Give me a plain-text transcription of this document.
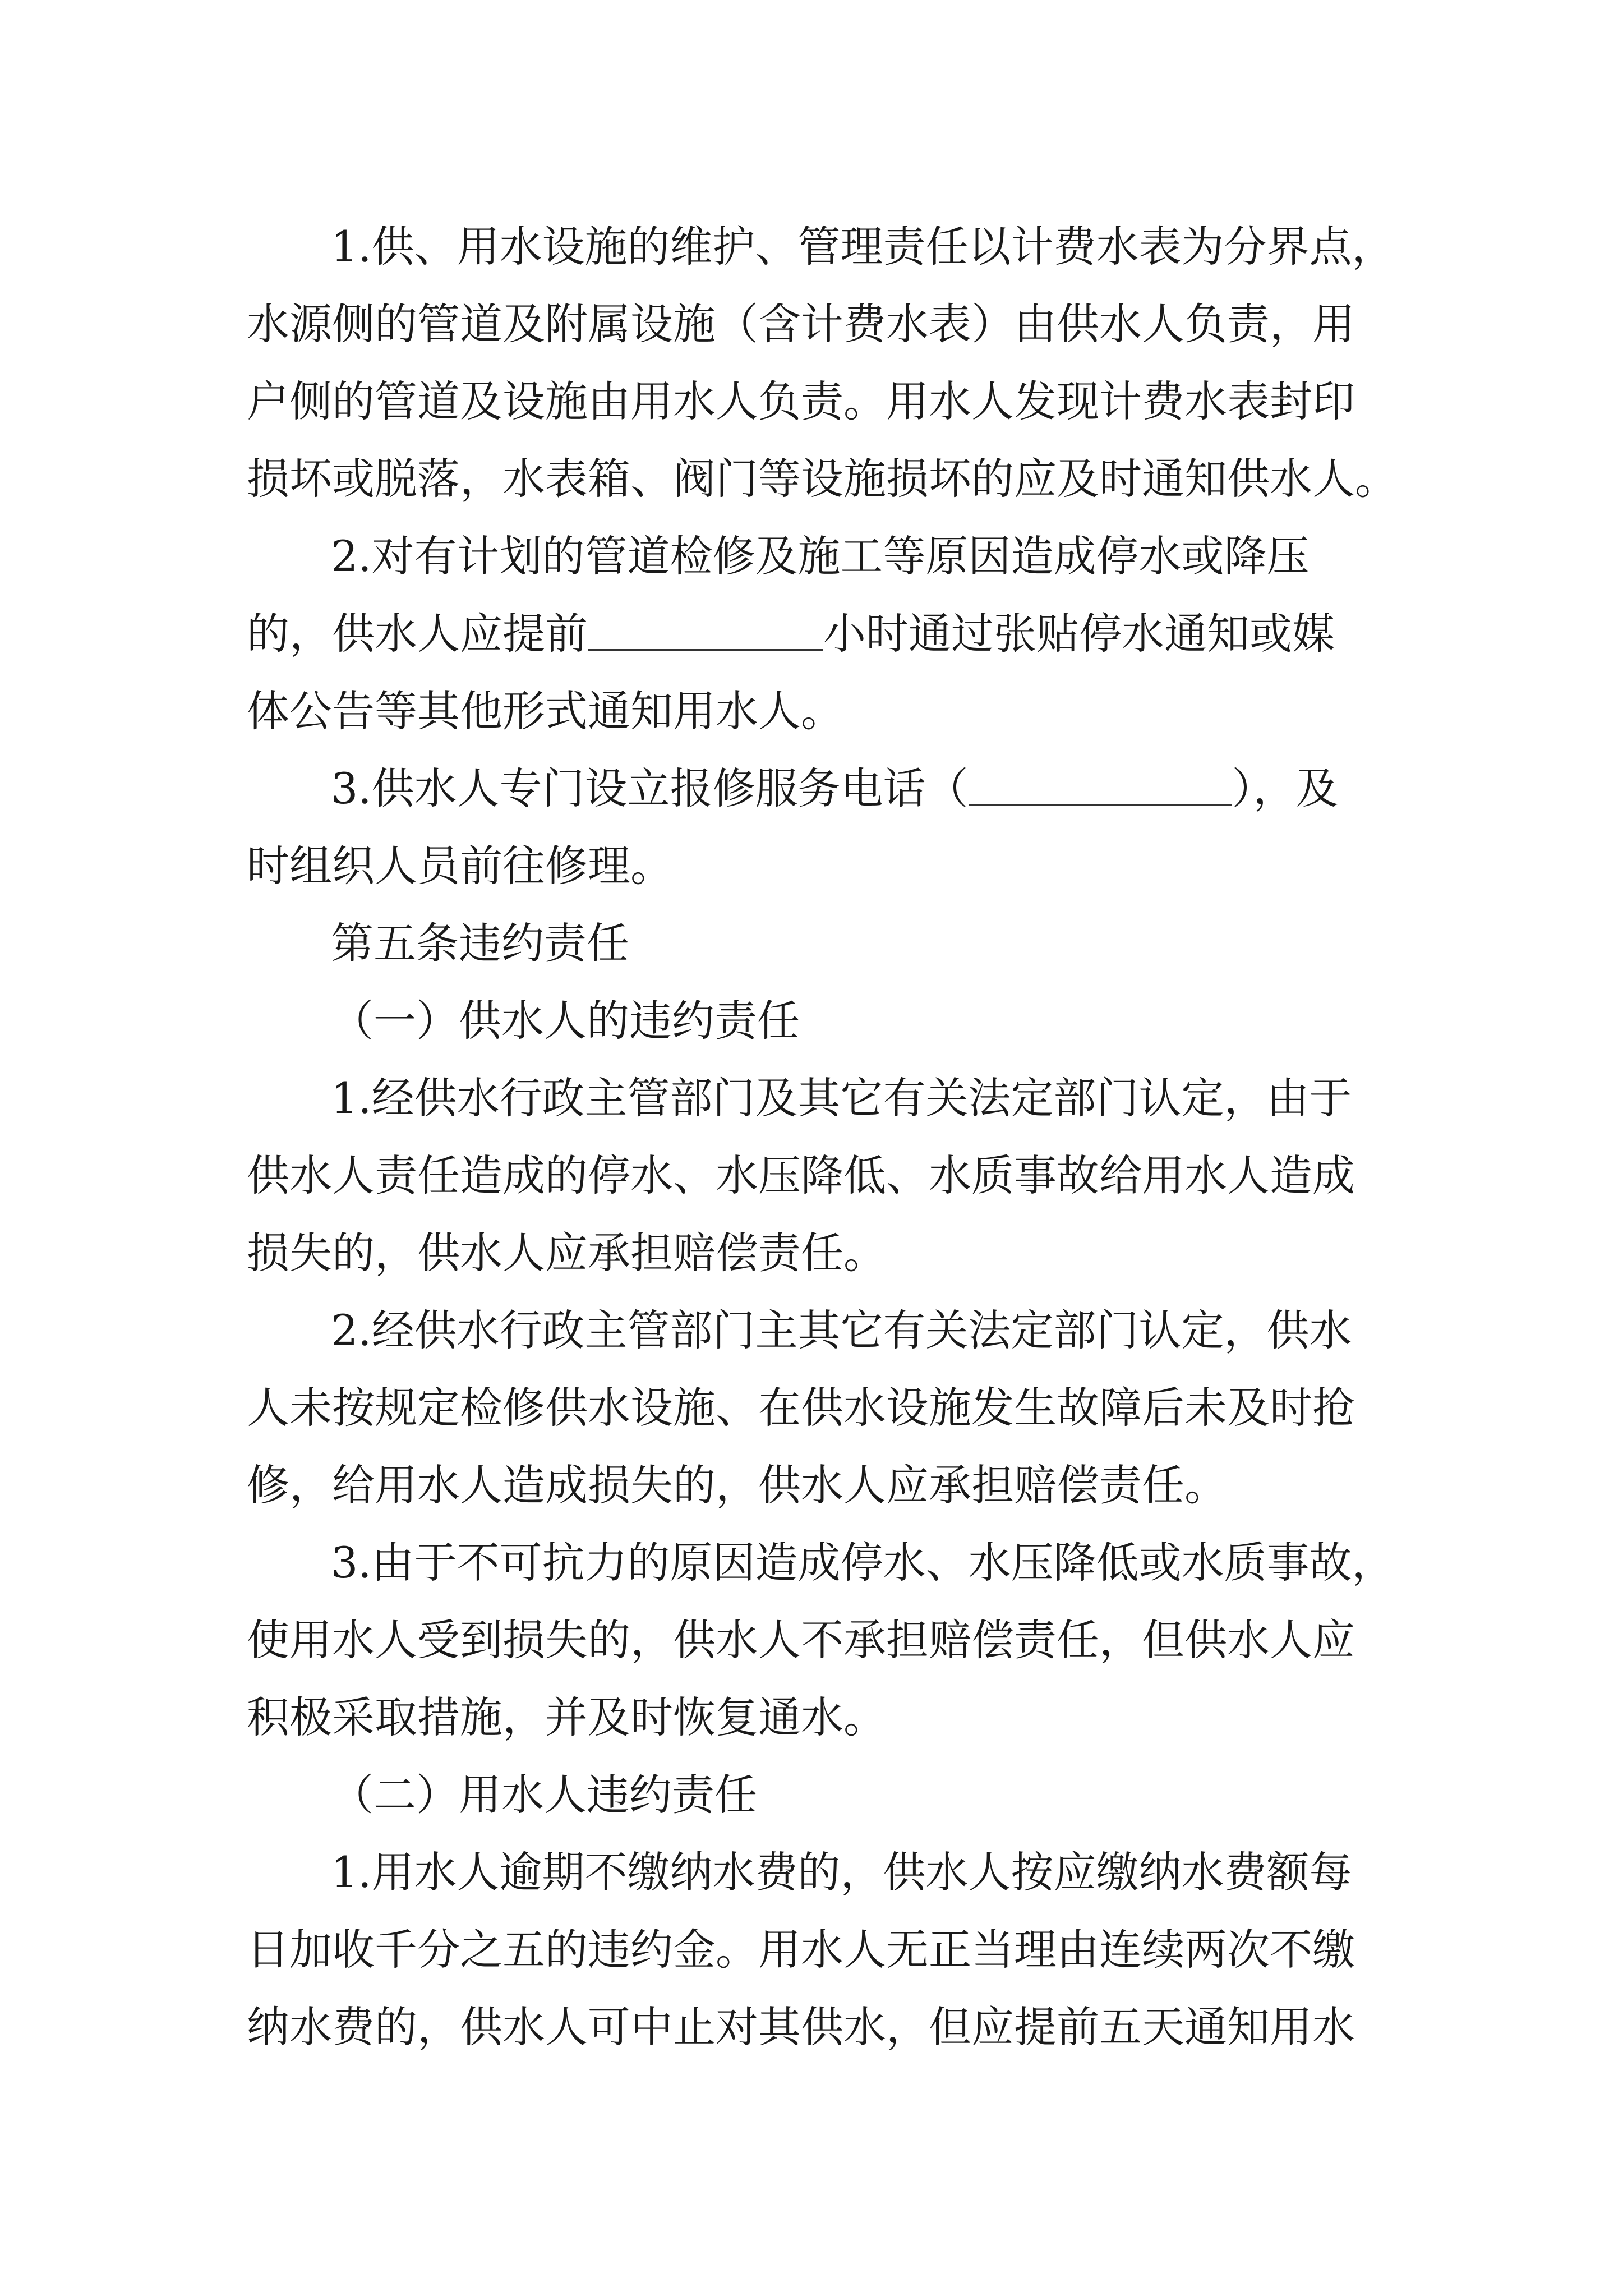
1.供、用水设施的维护、管理责任以计费水表为分界点，

水源侧的管道及附属设施（含计费水表）由供水人负责，用

户侧的管道及设施由用水人负责。用水人发现计费水表封印

损坏或脱落，水表箱、阀门等设施损坏的应及时通知供水人。

2.对有计划的管道检修及施工等原因造成停水或降压

的，供水人应提前	小时通过张贴停水通知或媒

体公告等其他形式通知用水人。

3.供水人专门设立报修服务电话（	），及

时组织人员前往修理。

第五条违约责任

（一）供水人的违约责任

1.经供水行政主管部门及其它有关法定部门认定，由于

供水人责任造成的停水、水压降低、水质事故给用水人造成

损失的，供水人应承担赔偿责任。

2.经供水行政主管部门主其它有关法定部门认定，供水

人未按规定检修供水设施、在供水设施发生故障后未及时抢

修，给用水人造成损失的，供水人应承担赔偿责任。

3.由于不可抗力的原因造成停水、水压降低或水质事故，

使用水人受到损失的，供水人不承担赔偿责任，但供水人应

积极采取措施，并及时恢复通水。

（二）用水人违约责任

1.用水人逾期不缴纳水费的，供水人按应缴纳水费额每

日加收千分之五的违约金。用水人无正当理由连续两次不缴

纳水费的，供水人可中止对其供水，但应提前五天通知用水
